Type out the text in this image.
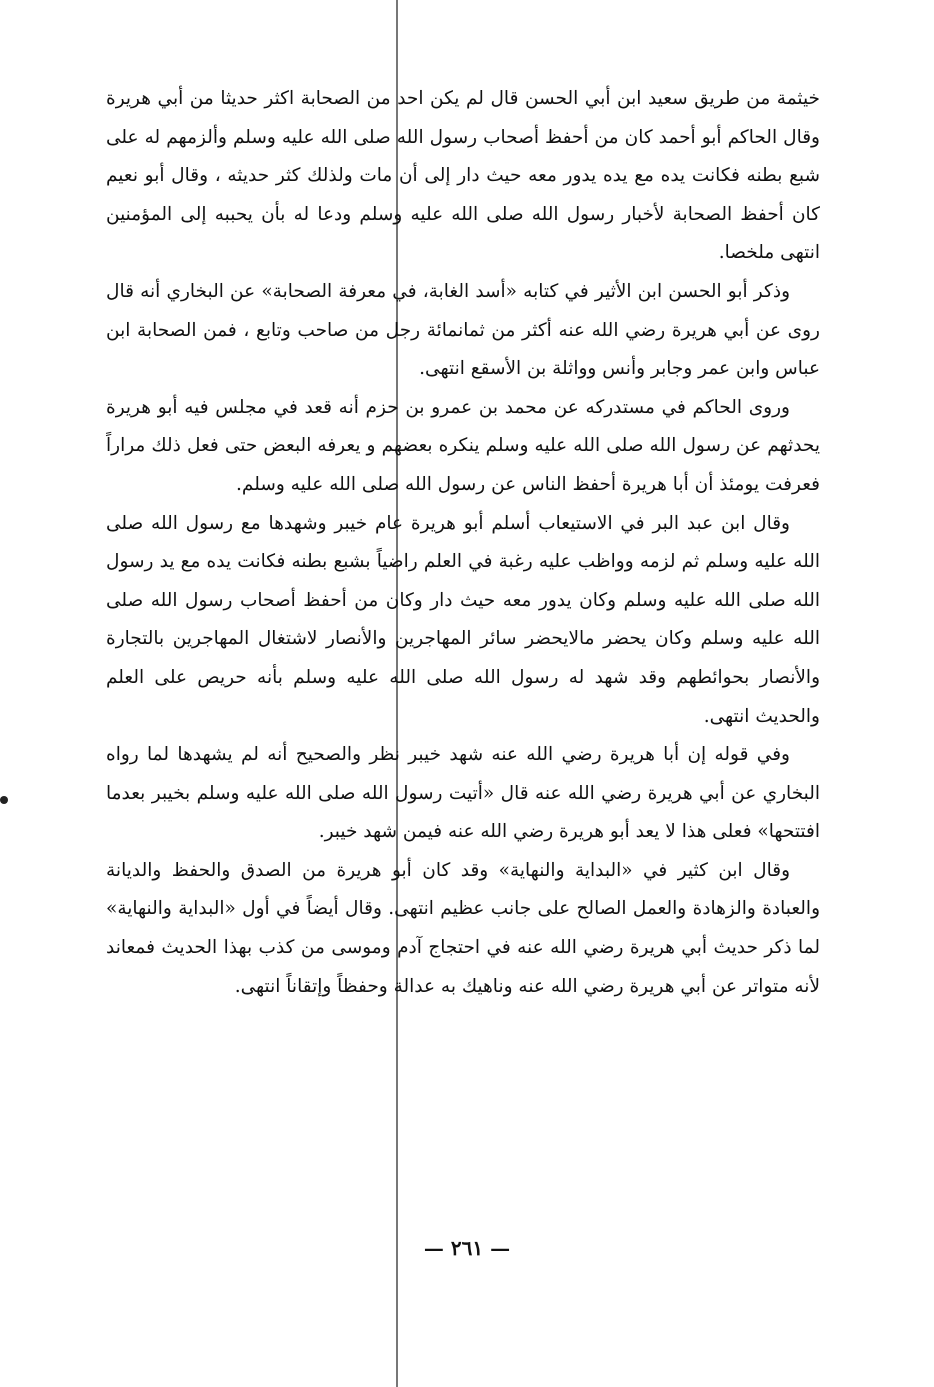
خيثمة من طريق سعيد ابن أبي الحسن قال لم يكن احد من الصحابة اكثر حديثا من أبي هريرة وقال الحاكم أبو أحمد كان من أحفظ أصحاب رسول الله صلى الله عليه وسلم وألزمهم له على شبع بطنه فكانت يده مع يده يدور معه حيث دار إلى أن مات ولذلك كثر حديثه ، وقال أبو نعيم كان أحفظ الصحابة لأخبار رسول الله صلى الله عليه وسلم ودعا له بأن يحببه إلى المؤمنين انتهى ملخصا.

وذكر أبو الحسن ابن الأثير في كتابه «أسد الغابة، في معرفة الصحابة» عن البخاري أنه قال روى عن أبي هريرة رضي الله عنه أكثر من ثمانمائة رجل من صاحب وتابع ، فمن الصحابة ابن عباس وابن عمر وجابر وأنس وواثلة بن الأسقع انتهى.

وروى الحاكم في مستدركه عن محمد بن عمرو بن حزم أنه قعد في مجلس فيه أبو هريرة يحدثهم عن رسول الله صلى الله عليه وسلم ينكره بعضهم و يعرفه البعض حتى فعل ذلك مراراً فعرفت يومئذ أن أبا هريرة أحفظ الناس عن رسول الله صلى الله عليه وسلم.

وقال ابن عبد البر في الاستيعاب أسلم أبو هريرة عام خيبر وشهدها مع رسول الله صلى الله عليه وسلم ثم لزمه وواظب عليه رغبة في العلم راضياً بشبع بطنه فكانت يده مع يد رسول الله صلى الله عليه وسلم وكان يدور معه حيث دار وكان من أحفظ أصحاب رسول الله صلى الله عليه وسلم وكان يحضر مالايحضر سائر المهاجرين والأنصار لاشتغال المهاجرين بالتجارة والأنصار بحوائطهم وقد شهد له رسول الله صلى الله عليه وسلم بأنه حريص على العلم والحديث انتهى.

وفي قوله إن أبا هريرة رضي الله عنه شهد خيبر نظر والصحيح أنه لم يشهدها لما رواه البخاري عن أبي هريرة رضي الله عنه قال «أتيت رسول الله صلى الله عليه وسلم بخيبر بعدما افتتحها» فعلى هذا لا يعد أبو هريرة رضي الله عنه فيمن شهد خيبر.

وقال ابن كثير في «البداية والنهاية» وقد كان أبو هريرة من الصدق والحفظ والديانة والعبادة والزهادة والعمل الصالح على جانب عظيم انتهى. وقال أيضاً في أول «البداية والنهاية» لما ذكر حديث أبي هريرة رضي الله عنه في احتجاج آدم وموسى من كذب بهذا الحديث فمعاند لأنه متواتر عن أبي هريرة رضي الله عنه وناهيك به عدالة وحفظاً وإتقاناً انتهى.

— ٢٦١ —
